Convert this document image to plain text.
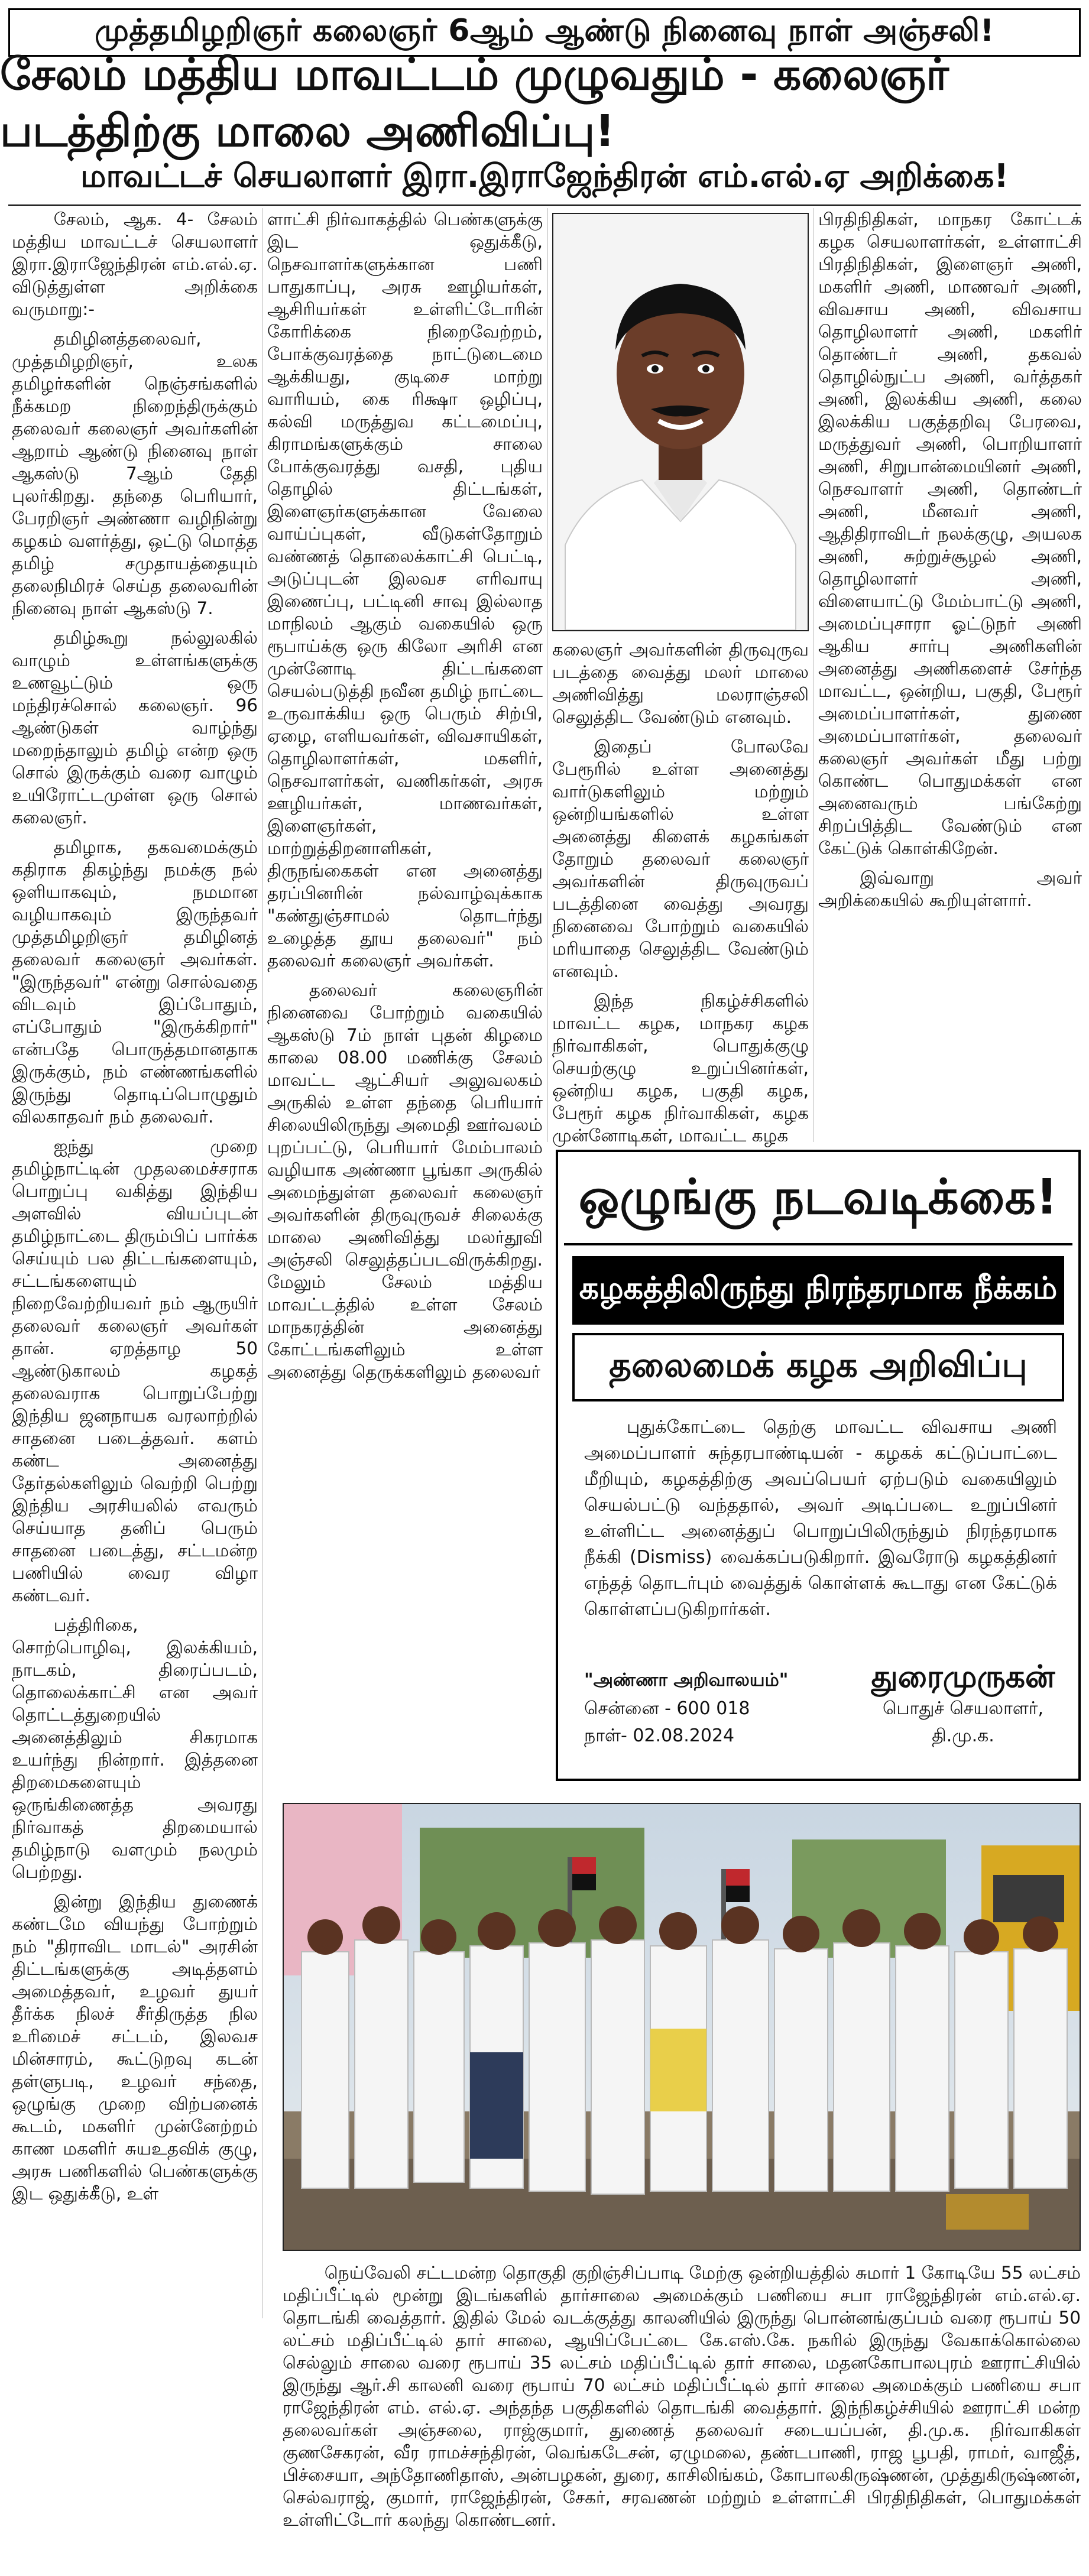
முத்தமிழறிஞர் கலைஞர் 6ஆம் ஆண்டு நினைவு நாள் அஞ்சலி!
சேலம் மத்திய மாவட்டம் முழுவதும் - கலைஞர் படத்திற்கு மாலை அணிவிப்பு!
மாவட்டச் செயலாளர் இரா.இராஜேந்திரன் எம்.எல்.ஏ அறிக்கை!

சேலம், ஆக. 4- சேலம் மத்திய மாவட்டச் செயலாளர் இரா.இராஜேந்திரன் எம்.எல்.ஏ. விடுத்துள்ள அறிக்கை வருமாறு:-

தமிழினத்தலைவர், முத்தமிழறிஞர், உலக தமிழர்களின் நெஞ்சங்களில் நீக்கமற நிறைந்திருக்கும் தலைவர் கலைஞர் அவர்களின் ஆறாம் ஆண்டு நினைவு நாள் ஆகஸ்டு 7ஆம் தேதி புலர்கிறது. தந்தை பெரியார், பேரறிஞர் அண்ணா வழிநின்று கழகம் வளர்த்து, ஒட்டு மொத்த தமிழ் சமுதாயத்தையும் தலைநிமிரச் செய்த தலைவரின் நினைவு நாள் ஆகஸ்டு 7.

தமிழ்கூறு நல்லுலகில் வாழும் உள்ளங்களுக்கு உணவூட்டும் ஒரு மந்திரச்சொல் கலைஞர். 96 ஆண்டுகள் வாழ்ந்து மறைந்தாலும் தமிழ் என்ற ஒரு சொல் இருக்கும் வரை வாழும் உயிரோட்டமுள்ள ஒரு சொல் கலைஞர்.

தமிழாக, தகவமைக்கும் கதிராக திகழ்ந்து நமக்கு நல் ஒளியாகவும், நமமான வழியாகவும் இருந்தவர் முத்தமிழறிஞர் தமிழினத் தலைவர் கலைஞர் அவர்கள். "இருந்தவர்" என்று சொல்வதை விடவும் இப்போதும், எப்போதும் "இருக்கிறார்" என்பதே பொருத்தமானதாக இருக்கும், நம் எண்ணங்களில் இருந்து தொடிப்பொழுதும் விலகாதவர் நம் தலைவர்.

ஐந்து முறை தமிழ்நாட்டின் முதலமைச்சராக பொறுப்பு வகித்து இந்திய அளவில் வியப்புடன் தமிழ்நாட்டை திரும்பிப் பார்க்க செய்யும் பல திட்டங்களையும், சட்டங்களையும் நிறைவேற்றியவர் நம் ஆருயிர் தலைவர் கலைஞர் அவர்கள் தான். ஏறத்தாழ 50 ஆண்டுகாலம் கழகத் தலைவராக பொறுப்பேற்று இந்திய ஜனநாயக வரலாற்றில் சாதனை படைத்தவர். களம் கண்ட அனைத்து தேர்தல்களிலும் வெற்றி பெற்று இந்திய அரசியலில் எவரும் செய்யாத தனிப் பெரும் சாதனை படைத்து, சட்டமன்ற பணியில் வைர விழா கண்டவர்.

பத்திரிகை, சொற்பொழிவு, இலக்கியம், நாடகம், திரைப்படம், தொலைக்காட்சி என அவர் தொட்டத்துறையில் அனைத்திலும் சிகரமாக உயர்ந்து நின்றார். இத்தனை திறமைகளையும் ஒருங்கிணைத்த அவரது நிர்வாகத் திறமையால் தமிழ்நாடு வளமும் நலமும் பெற்றது.

இன்று இந்திய துணைக் கண்டமே வியந்து போற்றும் நம் "திராவிட மாடல்" அரசின் திட்டங்களுக்கு அடித்தளம் அமைத்தவர், உழவர் துயர் தீர்க்க நிலச் சீர்திருத்த நில உரிமைச் சட்டம், இலவச மின்சாரம், கூட்டுறவு கடன் தள்ளுபடி, உழவர் சந்தை, ஒழுங்கு முறை விற்பனைக் கூடம், மகளிர் முன்னேற்றம் காண மகளிர் சுயஉதவிக் குழு, அரசு பணிகளில் பெண்களுக்கு இட ஒதுக்கீடு, உள்

ளாட்சி நிர்வாகத்தில் பெண்களுக்கு இட ஒதுக்கீடு, நெசவாளர்களுக்கான பணி பாதுகாப்பு, அரசு ஊழியர்கள், ஆசிரியர்கள் உள்ளிட்டோரின் கோரிக்கை நிறைவேற்றம், போக்குவரத்தை நாட்டுடைமை ஆக்கியது, குடிசை மாற்று வாரியம், கை ரிக்ஷா ஒழிப்பு, கல்வி மருத்துவ கட்டமைப்பு, கிராமங்களுக்கும் சாலை போக்குவரத்து வசதி, புதிய தொழில் திட்டங்கள், இளைஞர்களுக்கான வேலை வாய்ப்புகள், வீடுகள்தோறும் வண்ணத் தொலைக்காட்சி பெட்டி, அடுப்புடன் இலவச எரிவாயு இணைப்பு, பட்டினி சாவு இல்லாத மாநிலம் ஆகும் வகையில் ஒரு ரூபாய்க்கு ஒரு கிலோ அரிசி என முன்னோடி திட்டங்களை செயல்படுத்தி நவீன தமிழ் நாட்டை உருவாக்கிய ஒரு பெரும் சிற்பி, ஏழை, எளியவர்கள், விவசாயிகள், தொழிலாளர்கள், மகளிர், நெசவாளர்கள், வணிகர்கள், அரசு ஊழியர்கள், மாணவர்கள், இளைஞர்கள், மாற்றுத்திறனாளிகள், திருநங்கைகள் என அனைத்து தரப்பினரின் நல்வாழ்வுக்காக "கண்துஞ்சாமல் தொடர்ந்து உழைத்த தூய தலைவர்" நம் தலைவர் கலைஞர் அவர்கள்.

தலைவர் கலைஞரின் நினைவை போற்றும் வகையில் ஆகஸ்டு 7ம் நாள் புதன் கிழமை காலை 08.00 மணிக்கு சேலம் மாவட்ட ஆட்சியர் அலுவலகம் அருகில் உள்ள தந்தை பெரியார் சிலையிலிருந்து அமைதி ஊர்வலம் புறப்பட்டு, பெரியார் மேம்பாலம் வழியாக அண்ணா பூங்கா அருகில் அமைந்துள்ள தலைவர் கலைஞர் அவர்களின் திருவுருவச் சிலைக்கு மாலை அணிவித்து மலர்தூவி அஞ்சலி செலுத்தப்படவிருக்கிறது. மேலும் சேலம் மத்திய மாவட்டத்தில் உள்ள சேலம் மாநகரத்தின் அனைத்து கோட்டங்களிலும் உள்ள அனைத்து தெருக்களிலும் தலைவர்

கலைஞர் அவர்களின் திருவுருவ படத்தை வைத்து மலர் மாலை அணிவித்து மலராஞ்சலி செலுத்திட வேண்டும் எனவும்.

இதைப் போலவே பேரூரில் உள்ள அனைத்து வார்டுகளிலும் மற்றும் ஒன்றியங்களில் உள்ள அனைத்து கிளைக் கழகங்கள் தோறும் தலைவர் கலைஞர் அவர்களின் திருவுருவப் படத்தினை வைத்து அவரது நினைவை போற்றும் வகையில் மரியாதை செலுத்திட வேண்டும் எனவும்.

இந்த நிகழ்ச்சிகளில் மாவட்ட கழக, மாநகர கழக நிர்வாகிகள், பொதுக்குழு செயற்குழு உறுப்பினர்கள், ஒன்றிய கழக, பகுதி கழக, பேரூர் கழக நிர்வாகிகள், கழக முன்னோடிகள், மாவட்ட கழக

பிரதிநிதிகள், மாநகர கோட்டக் கழக செயலாளர்கள், உள்ளாட்சி பிரதிநிதிகள், இளைஞர் அணி, மகளிர் அணி, மாணவர் அணி, விவசாய அணி, விவசாய தொழிலாளர் அணி, மகளிர் தொண்டர் அணி, தகவல் தொழில்நுட்ப அணி, வர்த்தகர் அணி, இலக்கிய அணி, கலை இலக்கிய பகுத்தறிவு பேரவை, மருத்துவர் அணி, பொறியாளர் அணி, சிறுபான்மையினர் அணி, நெசவாளர் அணி, தொண்டர் அணி, மீனவர் அணி, ஆதிதிராவிடர் நலக்குழு, அயலக அணி, சுற்றுச்சூழல் அணி, தொழிலாளர் அணி, விளையாட்டு மேம்பாட்டு அணி, அமைப்புசாரா ஓட்டுநர் அணி ஆகிய சார்பு அணிகளின் அனைத்து அணிகளைச் சேர்ந்த மாவட்ட, ஒன்றிய, பகுதி, பேரூர் அமைப்பாளர்கள், துணை அமைப்பாளர்கள், தலைவர் கலைஞர் அவர்கள் மீது பற்று கொண்ட பொதுமக்கள் என அனைவரும் பங்கேற்று சிறப்பித்திட வேண்டும் என கேட்டுக் கொள்கிறேன்.

இவ்வாறு அவர் அறிக்கையில் கூறியுள்ளார்.

ஒழுங்கு நடவடிக்கை!
கழகத்திலிருந்து நிரந்தரமாக நீக்கம்
தலைமைக் கழக அறிவிப்பு
புதுக்கோட்டை தெற்கு மாவட்ட விவசாய அணி அமைப்பாளர் சுந்தரபாண்டியன் - கழகக் கட்டுப்பாட்டை மீறியும், கழகத்திற்கு அவப்பெயர் ஏற்படும் வகையிலும் செயல்பட்டு வந்ததால், அவர் அடிப்படை உறுப்பினர் உள்ளிட்ட அனைத்துப் பொறுப்பிலிருந்தும் நிரந்தரமாக நீக்கி (Dismiss) வைக்கப்படுகிறார். இவரோடு கழகத்தினர் எந்தத் தொடர்பும் வைத்துக் கொள்ளக் கூடாது என கேட்டுக் கொள்ளப்படுகிறார்கள்.
"அண்ணா அறிவாலயம்"
சென்னை - 600 018
நாள்- 02.08.2024
துரைமுருகன்
பொதுச் செயலாளர்,
தி.மு.க.
நெய்வேலி சட்டமன்ற தொகுதி குறிஞ்சிப்பாடி மேற்கு ஒன்றியத்தில் சுமார் 1 கோடியே 55 லட்சம் மதிப்பீட்டில் மூன்று இடங்களில் தார்சாலை அமைக்கும் பணியை சபா ராஜேந்திரன் எம்.எல்.ஏ. தொடங்கி வைத்தார். இதில் மேல் வடக்குத்து காலனியில் இருந்து பொன்னங்குப்பம் வரை ரூபாய் 50 லட்சம் மதிப்பீட்டில் தார் சாலை, ஆயிப்பேட்டை கே.எஸ்.கே. நகரில் இருந்து வேகாக்கொல்லை செல்லும் சாலை வரை ரூபாய் 35 லட்சம் மதிப்பீட்டில் தார் சாலை, மதனகோபாலபுரம் ஊராட்சியில் இருந்து ஆர்.சி காலனி வரை ரூபாய் 70 லட்சம் மதிப்பீட்டில் தார் சாலை அமைக்கும் பணியை சபா ராஜேந்திரன் எம். எல்.ஏ. அந்தந்த பகுதிகளில் தொடங்கி வைத்தார். இந்நிகழ்ச்சியில் ஊராட்சி மன்ற தலைவர்கள் அஞ்சலை, ராஜ்குமார், துணைத் தலைவர் சடையப்பன், தி.மு.க. நிர்வாகிகள் குணசேகரன், வீர ராமச்சந்திரன், வெங்கடேசன், ஏழுமலை, தண்டபாணி, ராஜ பூபதி, ராமர், வாஜீத், பிச்சையா, அந்தோணிதாஸ், அன்பழகன், துரை, காசிலிங்கம், கோபாலகிருஷ்ணன், முத்துகிருஷ்ணன், செல்வராஜ், குமார், ராஜேந்திரன், சேகர், சரவணன் மற்றும் உள்ளாட்சி பிரதிநிதிகள், பொதுமக்கள் உள்ளிட்டோர் கலந்து கொண்டனர்.
